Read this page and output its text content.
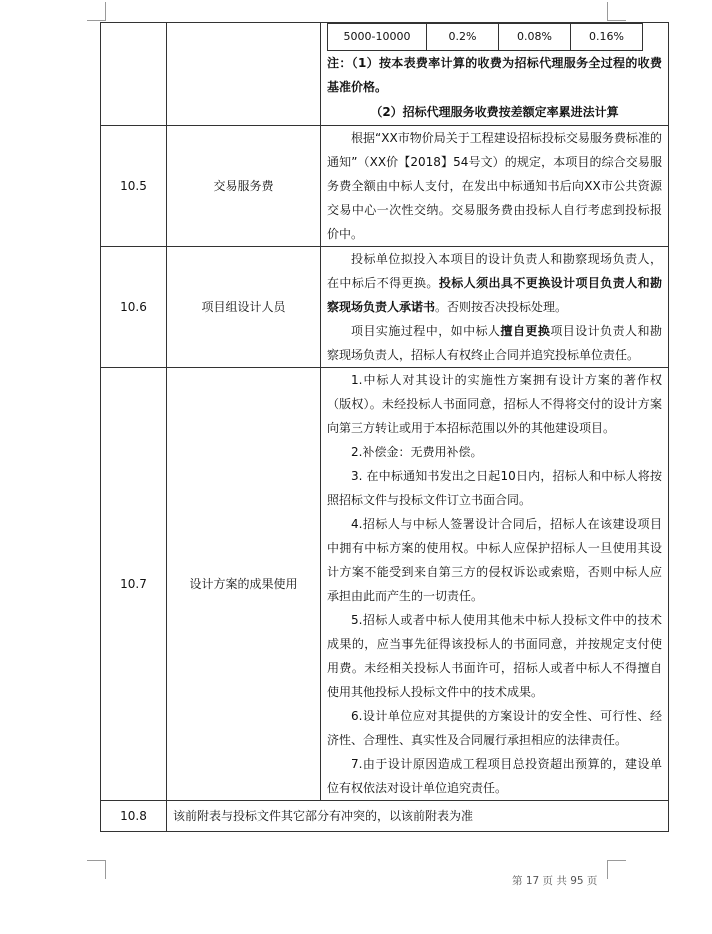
5000-10000	0.2%	0.08%	0.16%

注：（1）按本表费率计算的收费为招标代理服务全过程的收费基准价格。

（2）招标代理服务收费按差额定率累进法计算

10.5	交易服务费	

根据“XX市物价局关于工程建设招标投标交易服务费标准的通知”（XX价【2018】54号文）的规定，本项目的综合交易服务费全额由中标人支付，在发出中标通知书后向XX市公共资源交易中心一次性交纳。交易服务费由投标人自行考虑到投标报价中。

10.6	项目组设计人员	

投标单位拟投入本项目的设计负责人和勘察现场负责人，在中标后不得更换。投标人须出具不更换设计项目负责人和勘察现场负责人承诺书。否则按否决投标处理。

项目实施过程中，如中标人擅自更换项目设计负责人和勘察现场负责人，招标人有权终止合同并追究投标单位责任。

10.7	设计方案的成果使用	

1.中标人对其设计的实施性方案拥有设计方案的著作权（版权）。未经投标人书面同意，招标人不得将交付的设计方案向第三方转让或用于本招标范围以外的其他建设项目。

2.补偿金：无费用补偿。

3. 在中标通知书发出之日起10日内，招标人和中标人将按照招标文件与投标文件订立书面合同。

4.招标人与中标人签署设计合同后，招标人在该建设项目中拥有中标方案的使用权。中标人应保护招标人一旦使用其设计方案不能受到来自第三方的侵权诉讼或索赔，否则中标人应承担由此而产生的一切责任。

5.招标人或者中标人使用其他未中标人投标文件中的技术成果的，应当事先征得该投标人的书面同意，并按规定支付使用费。未经相关投标人书面许可，招标人或者中标人不得擅自使用其他投标人投标文件中的技术成果。

6.设计单位应对其提供的方案设计的安全性、可行性、经济性、合理性、真实性及合同履行承担相应的法律责任。

7.由于设计原因造成工程项目总投资超出预算的，建设单位有权依法对设计单位追究责任。

10.8	该前附表与投标文件其它部分有冲突的，以该前附表为准
第 17 页 共 95 页
